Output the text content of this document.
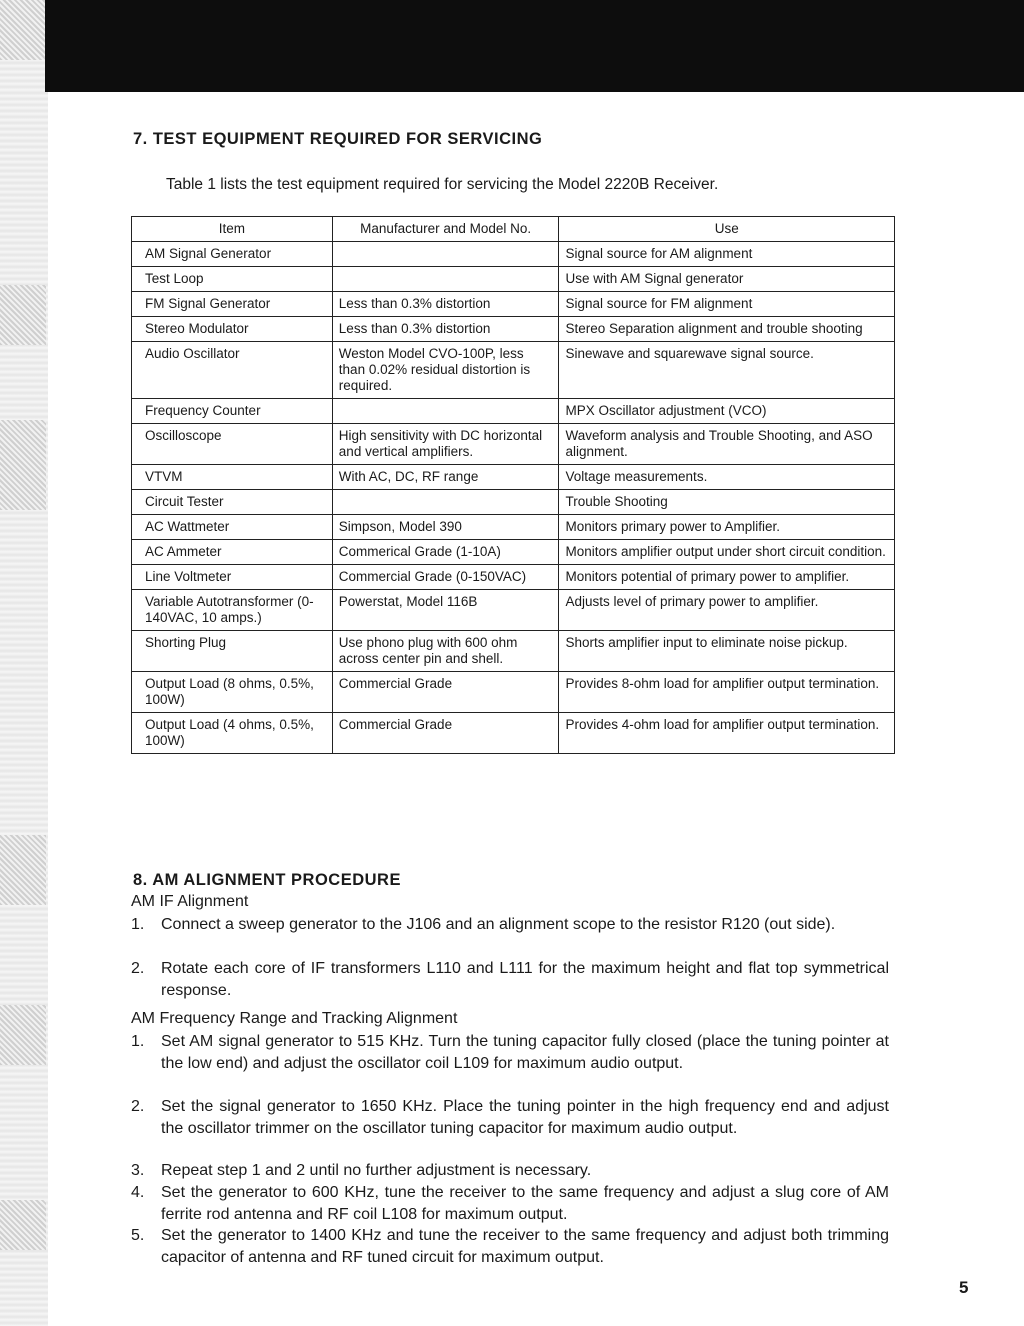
7. TEST EQUIPMENT REQUIRED FOR SERVICING
Table 1 lists the test equipment required for servicing the Model 2220B Receiver.
Item	Manufacturer and Model No.	Use
AM Signal Generator		Signal source for AM alignment
Test Loop		Use with AM Signal generator
FM Signal Generator	Less than 0.3% distortion	Signal source for FM alignment
Stereo Modulator	Less than 0.3% distortion	Stereo Separation alignment and trouble shooting
Audio Oscillator	Weston Model CVO-100P, less than 0.02% residual distortion is required.	Sinewave and squarewave signal source.
Frequency Counter		MPX Oscillator adjustment (VCO)
Oscilloscope	High sensitivity with DC horizontal and vertical amplifiers.	Waveform analysis and Trouble Shooting, and ASO alignment.
VTVM	With AC, DC, RF range	Voltage measurements.
Circuit Tester		Trouble Shooting
AC Wattmeter	Simpson, Model 390	Monitors primary power to Amplifier.
AC Ammeter	Commerical Grade (1-10A)	Monitors amplifier output under short circuit condition.
Line Voltmeter	Commercial Grade (0-150VAC)	Monitors potential of primary power to amplifier.
Variable Autotransformer (0-140VAC, 10 amps.)	Powerstat, Model 116B	Adjusts level of primary power to amplifier.
Shorting Plug	Use phono plug with 600 ohm across center pin and shell.	Shorts amplifier input to eliminate noise pickup.
Output Load (8 ohms, 0.5%, 100W)	Commercial Grade	Provides 8-ohm load for amplifier output termination.
Output Load (4 ohms, 0.5%, 100W)	Commercial Grade	Provides 4-ohm load for amplifier output termination.
8. AM ALIGNMENT PROCEDURE
AM IF Alignment
1. Connect a sweep generator to the J106 and an alignment scope to the resistor R120 (out side).
2. Rotate each core of IF transformers L110 and L111 for the maximum height and flat top symmetrical response.
AM Frequency Range and Tracking Alignment
1. Set AM signal generator to 515 KHz. Turn the tuning capacitor fully closed (place the tuning pointer at the low end) and adjust the oscillator coil L109 for maximum audio output.
2. Set the signal generator to 1650 KHz. Place the tuning pointer in the high frequency end and adjust the oscillator trimmer on the oscillator tuning capacitor for maximum audio output.
3. Repeat step 1 and 2 until no further adjustment is necessary.
4. Set the generator to 600 KHz, tune the receiver to the same frequency and adjust a slug core of AM ferrite rod antenna and RF coil L108 for maximum output.
5. Set the generator to 1400 KHz and tune the receiver to the same frequency and adjust both trimming capacitor of antenna and RF tuned circuit for maximum output.
5
